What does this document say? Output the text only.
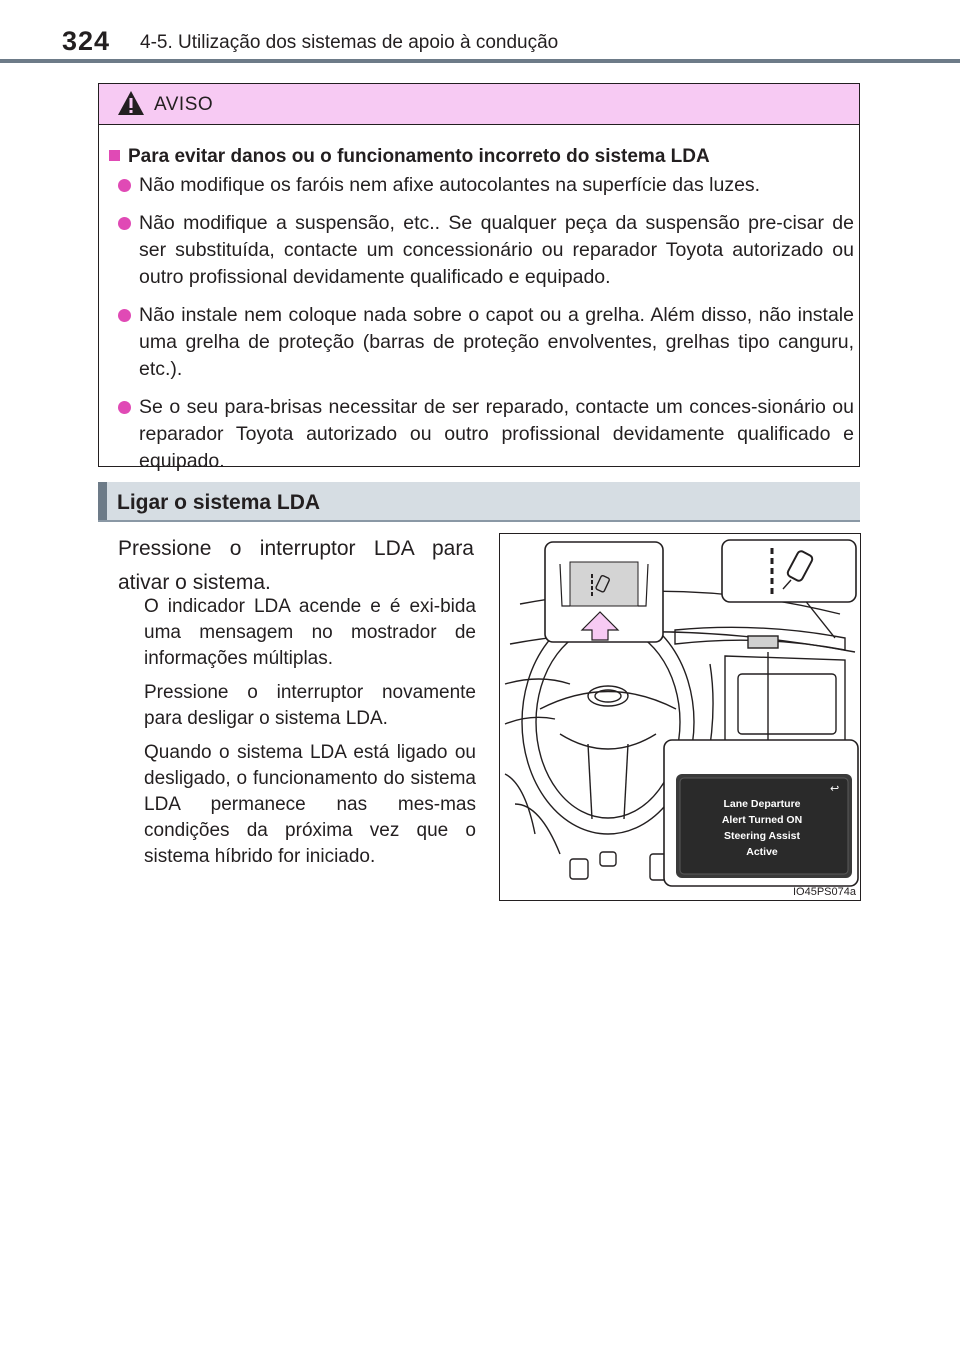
324 4-5. Utilização dos sistemas de apoio à condução
AVISO
Para evitar danos ou o funcionamento incorreto do sistema LDA
Não modifique os faróis nem afixe autocolantes na superfície das luzes.
Não modifique a suspensão, etc.. Se qualquer peça da suspensão pre-cisar de ser substituída, contacte um concessionário ou reparador Toyota autorizado ou outro profissional devidamente qualificado e equipado.
Não instale nem coloque nada sobre o capot ou a grelha. Além disso, não instale uma grelha de proteção (barras de proteção envolventes, grelhas tipo canguru, etc.).
Se o seu para-brisas necessitar de ser reparado, contacte um conces-sionário ou reparador Toyota autorizado ou outro profissional devidamente qualificado e equipado.
Ligar o sistema LDA
Pressione o interruptor LDA para ativar o sistema.
O indicador LDA acende e é exi-bida uma mensagem no mostrador de informações múltiplas.
Pressione o interruptor novamente para desligar o sistema LDA.
Quando o sistema LDA está ligado ou desligado, o funcionamento do sistema LDA permanece nas mes-mas condições da próxima vez que o sistema híbrido for iniciado.
↩
Lane Departure
Alert Turned ON
Steering Assist
Active
IO45PS074a
